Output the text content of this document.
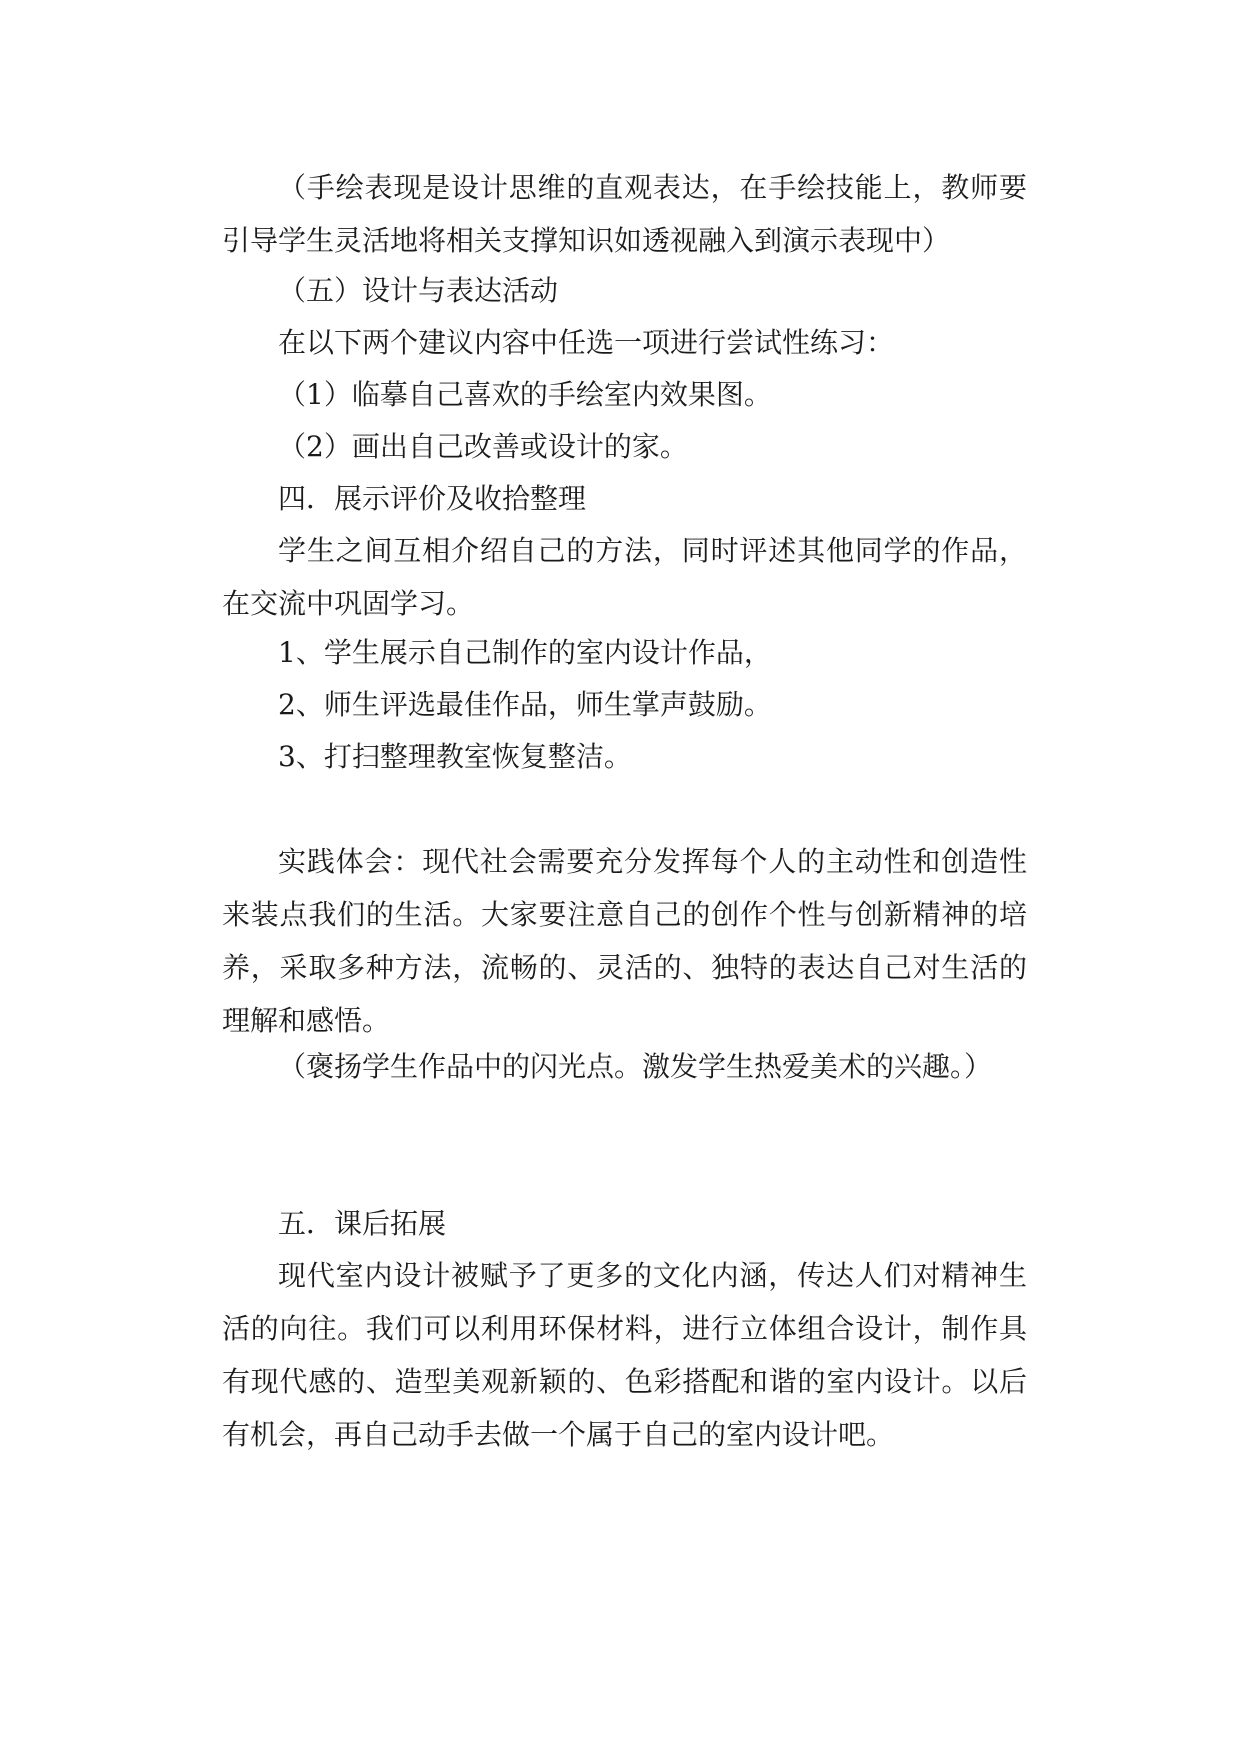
（手绘表现是设计思维的直观表达，在手绘技能上，教师要引导学生灵活地将相关支撑知识如透视融入到演示表现中）

（五）设计与表达活动

在以下两个建议内容中任选一项进行尝试性练习：

（1）临摹自己喜欢的手绘室内效果图。

（2）画出自己改善或设计的家。

四．展示评价及收拾整理

学生之间互相介绍自己的方法，同时评述其他同学的作品，在交流中巩固学习。

1、学生展示自己制作的室内设计作品，

2、师生评选最佳作品，师生掌声鼓励。

3、打扫整理教室恢复整洁。

实践体会：现代社会需要充分发挥每个人的主动性和创造性来装点我们的生活。大家要注意自己的创作个性与创新精神的培养，采取多种方法，流畅的、灵活的、独特的表达自己对生活的理解和感悟。

（褒扬学生作品中的闪光点。激发学生热爱美术的兴趣。）

五．课后拓展

现代室内设计被赋予了更多的文化内涵，传达人们对精神生活的向往。我们可以利用环保材料，进行立体组合设计，制作具有现代感的、造型美观新颖的、色彩搭配和谐的室内设计。以后有机会，再自己动手去做一个属于自己的室内设计吧。
